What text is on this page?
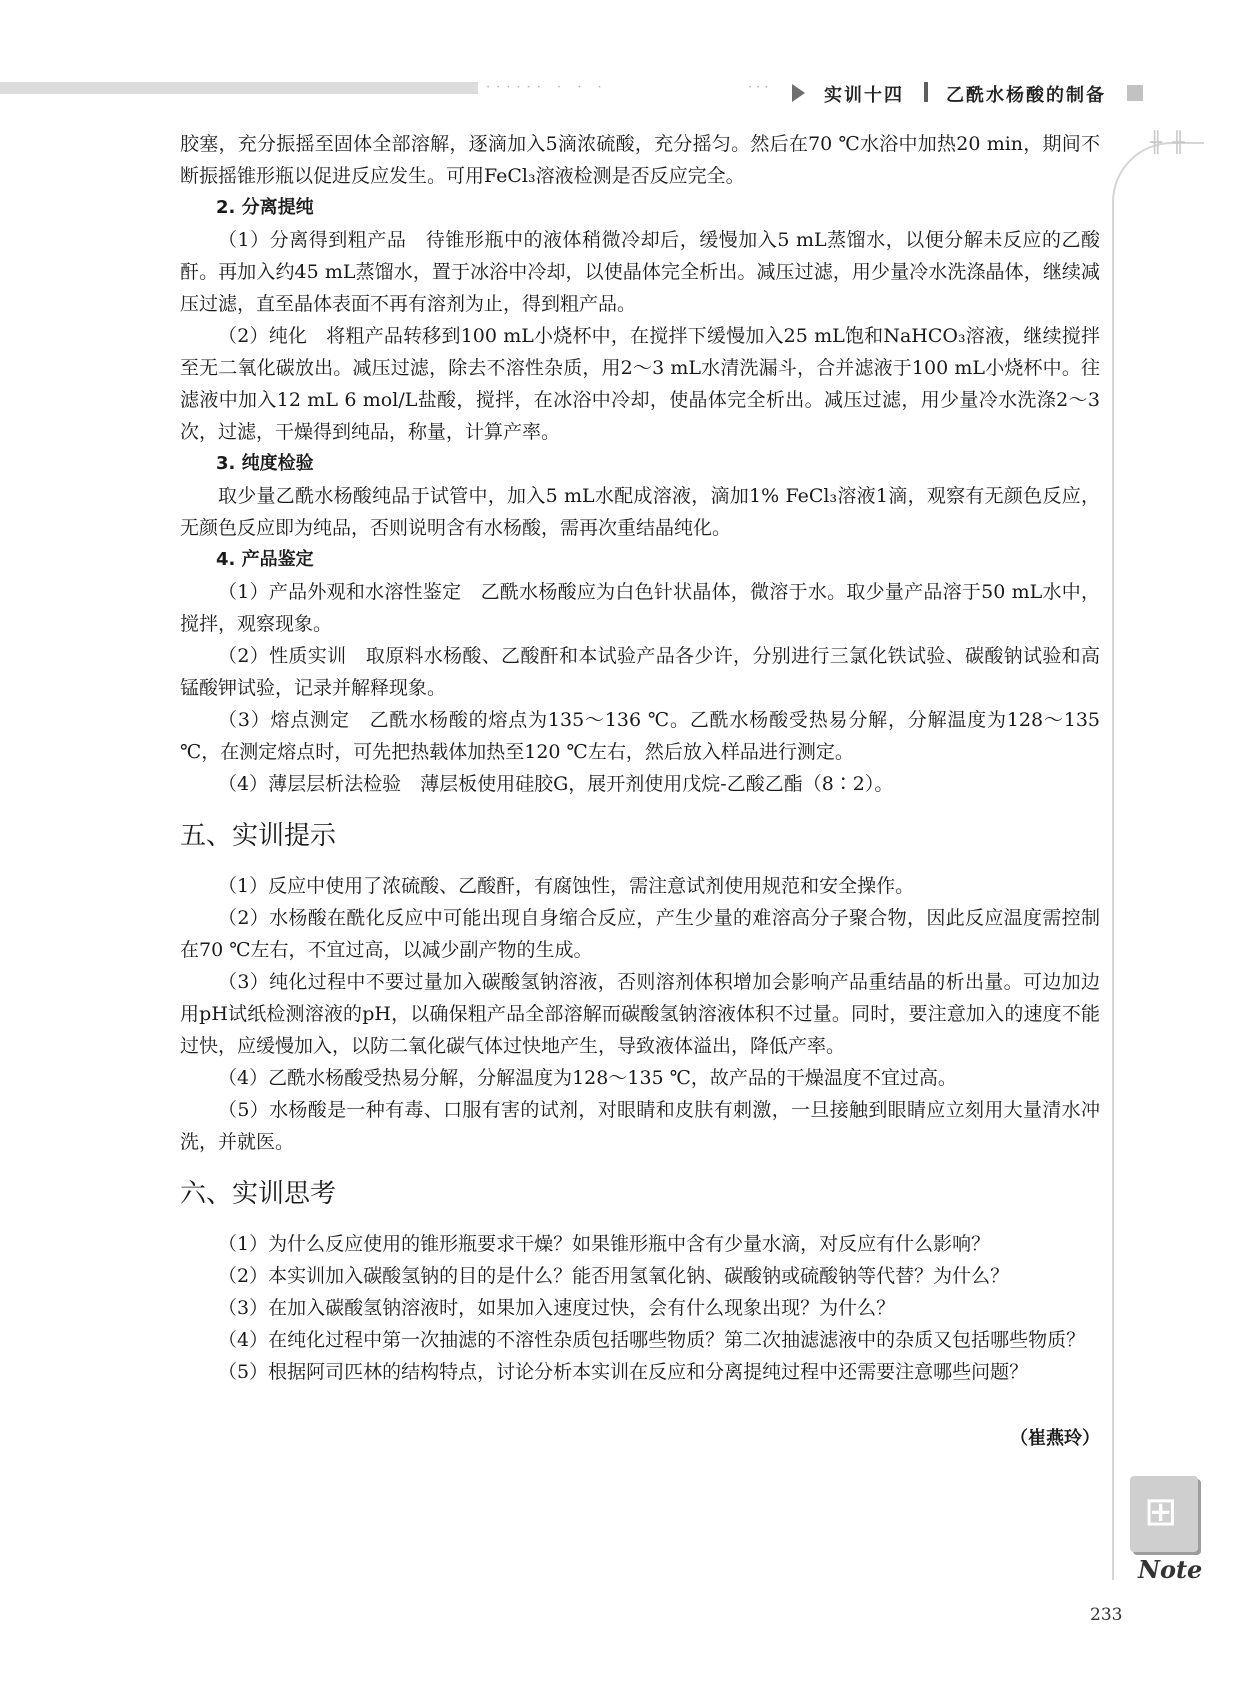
······ · · ·	···	实训十四 乙酰水杨酸的制备
╫ ╫

胶塞，充分振摇至固体全部溶解，逐滴加入5滴浓硫酸，充分摇匀。然后在70 ℃水浴中加热20 min，期间不断振摇锥形瓶以促进反应发生。可用FeCl₃溶液检测是否反应完全。

2. 分离提纯

（1）分离得到粗产品　待锥形瓶中的液体稍微冷却后，缓慢加入5 mL蒸馏水，以便分解未反应的乙酸酐。再加入约45 mL蒸馏水，置于冰浴中冷却，以使晶体完全析出。减压过滤，用少量冷水洗涤晶体，继续减压过滤，直至晶体表面不再有溶剂为止，得到粗产品。

（2）纯化　将粗产品转移到100 mL小烧杯中，在搅拌下缓慢加入25 mL饱和NaHCO₃溶液，继续搅拌至无二氧化碳放出。减压过滤，除去不溶性杂质，用2～3 mL水清洗漏斗，合并滤液于100 mL小烧杯中。往滤液中加入12 mL 6 mol/L盐酸，搅拌，在冰浴中冷却，使晶体完全析出。减压过滤，用少量冷水洗涤2～3次，过滤，干燥得到纯品，称量，计算产率。

3. 纯度检验

取少量乙酰水杨酸纯品于试管中，加入5 mL水配成溶液，滴加1% FeCl₃溶液1滴，观察有无颜色反应，无颜色反应即为纯品，否则说明含有水杨酸，需再次重结晶纯化。

4. 产品鉴定

（1）产品外观和水溶性鉴定　乙酰水杨酸应为白色针状晶体，微溶于水。取少量产品溶于50 mL水中，搅拌，观察现象。

（2）性质实训　取原料水杨酸、乙酸酐和本试验产品各少许，分别进行三氯化铁试验、碳酸钠试验和高锰酸钾试验，记录并解释现象。

（3）熔点测定　乙酰水杨酸的熔点为135～136 ℃。乙酰水杨酸受热易分解，分解温度为128～135 ℃，在测定熔点时，可先把热载体加热至120 ℃左右，然后放入样品进行测定。

（4）薄层层析法检验　薄层板使用硅胶G，展开剂使用戊烷-乙酸乙酯（8∶2）。

五、实训提示

（1）反应中使用了浓硫酸、乙酸酐，有腐蚀性，需注意试剂使用规范和安全操作。

（2）水杨酸在酰化反应中可能出现自身缩合反应，产生少量的难溶高分子聚合物，因此反应温度需控制在70 ℃左右，不宜过高，以减少副产物的生成。

（3）纯化过程中不要过量加入碳酸氢钠溶液，否则溶剂体积增加会影响产品重结晶的析出量。可边加边用pH试纸检测溶液的pH，以确保粗产品全部溶解而碳酸氢钠溶液体积不过量。同时，要注意加入的速度不能过快，应缓慢加入，以防二氧化碳气体过快地产生，导致液体溢出，降低产率。

（4）乙酰水杨酸受热易分解，分解温度为128～135 ℃，故产品的干燥温度不宜过高。

（5）水杨酸是一种有毒、口服有害的试剂，对眼睛和皮肤有刺激，一旦接触到眼睛应立刻用大量清水冲洗，并就医。

六、实训思考

（1）为什么反应使用的锥形瓶要求干燥？如果锥形瓶中含有少量水滴，对反应有什么影响？

（2）本实训加入碳酸氢钠的目的是什么？能否用氢氧化钠、碳酸钠或硫酸钠等代替？为什么？

（3）在加入碳酸氢钠溶液时，如果加入速度过快，会有什么现象出现？为什么？

（4）在纯化过程中第一次抽滤的不溶性杂质包括哪些物质？第二次抽滤滤液中的杂质又包括哪些物质？

（5）根据阿司匹林的结构特点，讨论分析本实训在反应和分离提纯过程中还需要注意哪些问题？

（崔燕玲）
⊞
Note
233
